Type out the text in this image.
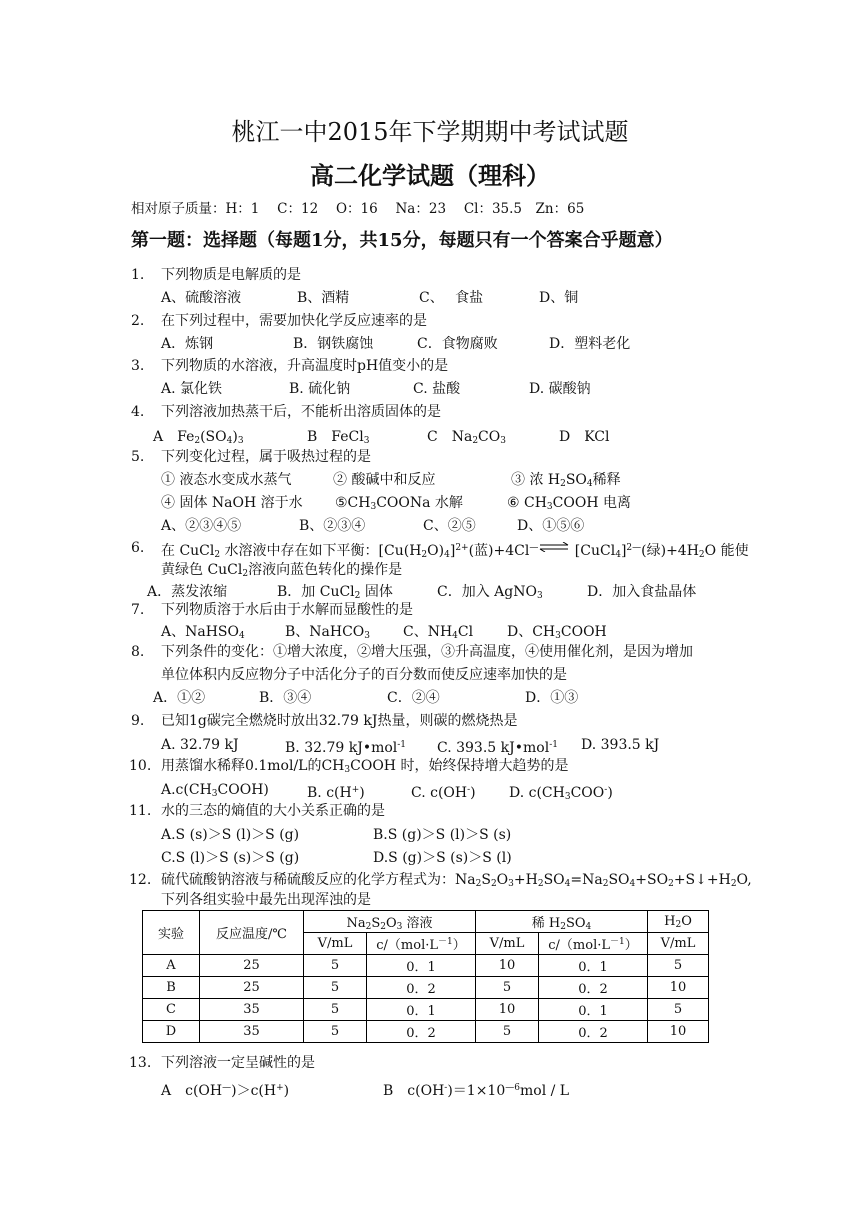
桃江一中2015年下学期期中考试试题
高二化学试题（理科）
相对原子质量：H：1　 C：12　 O：16　 Na：23　 Cl：35.5　Zn：65
第一题：选择题（每题1分，共15分，每题只有一个答案合乎题意）
1. 下列物质是电解质的是
A、硫酸溶液	B、酒精	C、　 食盐	D、铜
2. 在下列过程中，需要加快化学反应速率的是
A．炼钢	B．钢铁腐蚀	C．食物腐败	D．塑料老化
3. 下列物质的水溶液，升高温度时pH值变小的是
A. 氯化铁	B. 硫化钠	C. 盐酸	D. 碳酸钠
4. 下列溶液加热蒸干后，不能析出溶质固体的是
A　$Fe_2(SO_4)_3$	B　FeCl$_3$	C　$Na_2CO_3$	D　KCl
5. 下列变化过程，属于吸热过程的是
① 液态水变成水蒸气	② 酸碱中和反应	③ 浓 $H_2SO_4$稀释
④ 固体 NaOH 溶于水 $⑤CH_3COONa$ 水解	⑥ $CH_3COOH$ 电离
A、②③④⑤	B、②③④	C、②⑤	D、①⑤⑥
6. 在 CuCl$_2$ 水溶液中存在如下平衡：$[Cu(H_2O)_4]^{2+}$(蓝)+4Cl—⇌ [CuCl$_4$]$^{2—}$(绿)$+4H_2O$ 能使
黄绿色 CuCl$_2$溶液向蓝色转化的操作是
A．蒸发浓缩	B．加 CuCl$_2$ 固体	C．加入 AgNO$_3$	D．加入食盐晶体
7. 下列物质溶于水后由于水解而显酸性的是
A、NaHSO$_4$	B、NaHCO$_3$ C、$NH_4Cl$ D、$CH_3COOH$
8. 下列条件的变化：①增大浓度，②增大压强，③升高温度，④使用催化剂，是因为增加
单位体积内反应物分子中活化分子的百分数而使反应速率加快的是
A．①②	B．③④	C．②④	D．①③
9. 已知1g碳完全燃烧时放出32.79 kJ热量，则碳的燃烧热是
A. 32.79 kJ	B. 32.79 kJ•mol$^{-1}$ C. 393.5 kJ•mol$^{-1}$ D. 393.5 kJ
10. 用蒸馏水稀释0.1mol/L的$CH_3COOH$ 时，始终保持增大趋势的是
$A.c(CH_3COOH)$	B. c(H+)	C. c(OH-) D. $c(CH_3COO^-)$
11. 水的三态的熵值的大小关系正确的是
A.S (s)＞S (l)＞S (g)	B.S (g)＞S (l)＞S (s)
C.S (l)＞S (s)＞S (g)	D.S (g)＞S (s)＞S (l)
12. 硫代硫酸钠溶液与稀硫酸反应的化学方程式为：$Na_2S_2O_3+H_2SO_4=Na_2SO_4+SO_2+S↓+H_2O$,
下列各组实验中最先出现浑浊的是
实验	反应温度/℃	$Na_2S_2O_3$ 溶液		稀 $H_2SO_4$		$H_2O$
		V/mL	$c/(mol\cdot L^{-1})$	V/mL	$c/(mol\cdot L^{-1})$	V/mL
A	25	5	0．1	10	0．1	5
B	25	5	0．2	5	0．2	10
C	35	5	0．1	10	0．1	5
D	35	5	0．2	5	0．2	10
13. 下列溶液一定呈碱性的是
A　c(OH—)＞c(H+)	B　$c(OH^-)=1\times 10^{—6}mol / L$
